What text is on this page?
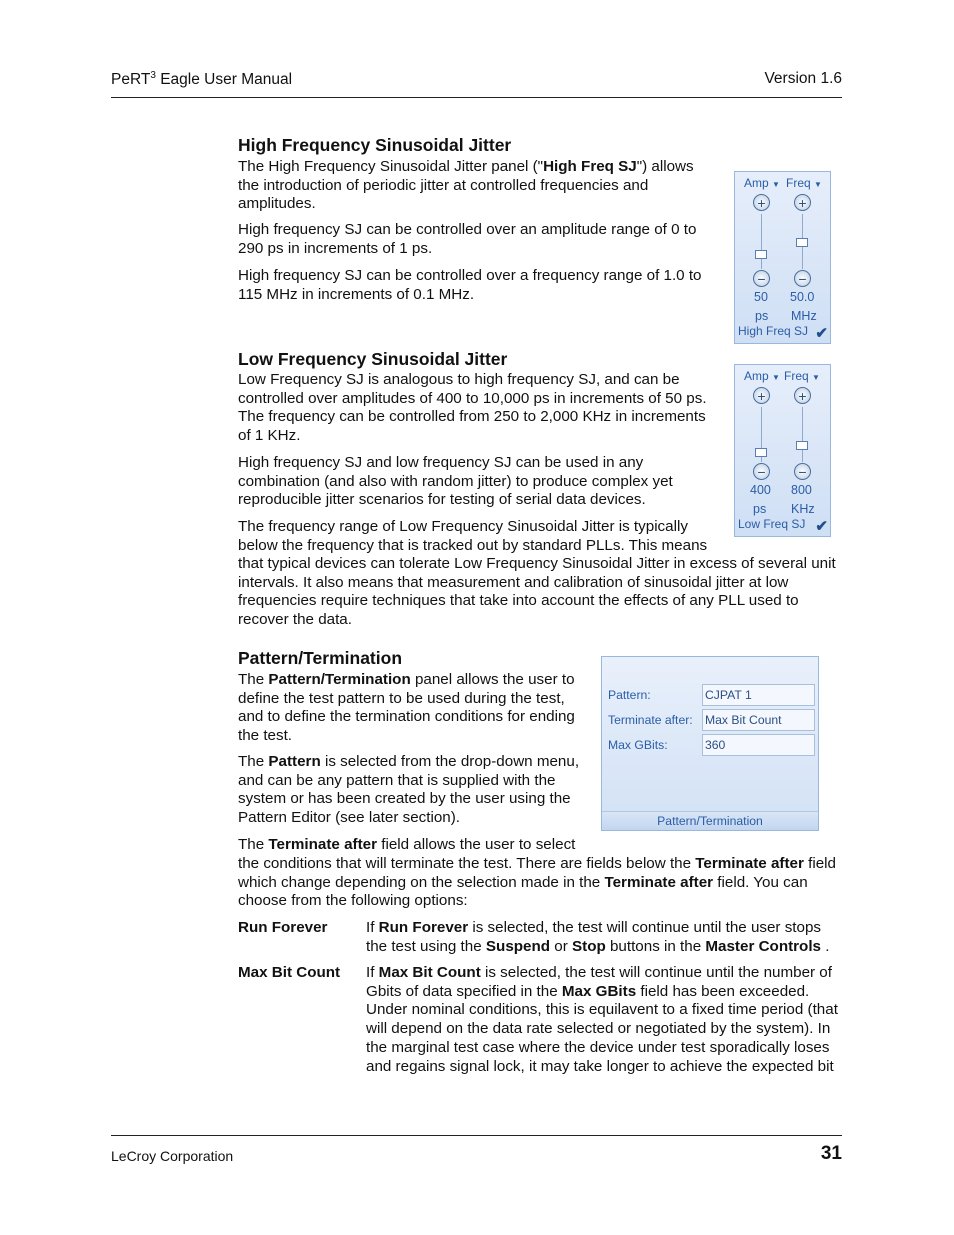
PeRT$^3$ Eagle User Manual	Version 1.6
High Frequency Sinusoidal Jitter

The High Frequency Sinusoidal Jitter panel ("High Freq SJ") allows the introduction of periodic jitter at controlled frequencies and amplitudes.

High frequency SJ can be controlled over an amplitude range of 0 to 290 ps in increments of 1 ps.

High frequency SJ can be controlled over a frequency range of 1.0 to 115 MHz in increments of 0.1 MHz.

Amp ▼ Freq ▼
+	+
−	−
50 50.0
ps MHz
High Freq SJ ✔
Low Frequency Sinusoidal Jitter

Low Frequency SJ is analogous to high frequency SJ, and can be controlled over amplitudes of 400 to 10,000 ps in increments of 50 ps. The frequency can be controlled from 250 to 2,000 KHz in increments of 1 KHz.

High frequency SJ and low frequency SJ can be used in any combination (and also with random jitter) to produce complex yet reproducible jitter scenarios for testing of serial data devices.

The frequency range of Low Frequency Sinusoidal Jitter is typically below the frequency that is tracked out by standard PLLs. This means

that typical devices can tolerate Low Frequency Sinusoidal Jitter in excess of several unit intervals. It also means that measurement and calibration of sinusoidal jitter at low frequencies require techniques that take into account the effects of any PLL used to recover the data.

Amp ▼ Freq ▼
+	+
−	−
400 800
ps KHz
Low Freq SJ ✔
Pattern/Termination

The Pattern/Termination panel allows the user to define the test pattern to be used during the test, and to define the termination conditions for ending the test.

The Pattern is selected from the drop-down menu, and can be any pattern that is supplied with the system or has been created by the user using the Pattern Editor (see later section).

The Terminate after field allows the user to select

the conditions that will terminate the test. There are fields below the Terminate after field which change depending on the selection made in the Terminate after field. You can choose from the following options:

Pattern:	CJPAT 1
Terminate after: Max Bit Count
Max GBits:	360
Pattern/Termination
Run Forever	If Run Forever is selected, the test will continue until the user stops the test using the Suspend or Stop buttons in the Master Controls .

Max Bit Count If Max Bit Count is selected, the test will continue until the number of Gbits of data specified in the Max GBits field has been exceeded. Under nominal conditions, this is equilavent to a fixed time period (that will depend on the data rate selected or negotiated by the system). In the marginal test case where the device under test sporadically loses and regains signal lock, it may take longer to achieve the expected bit

LeCroy Corporation	31
